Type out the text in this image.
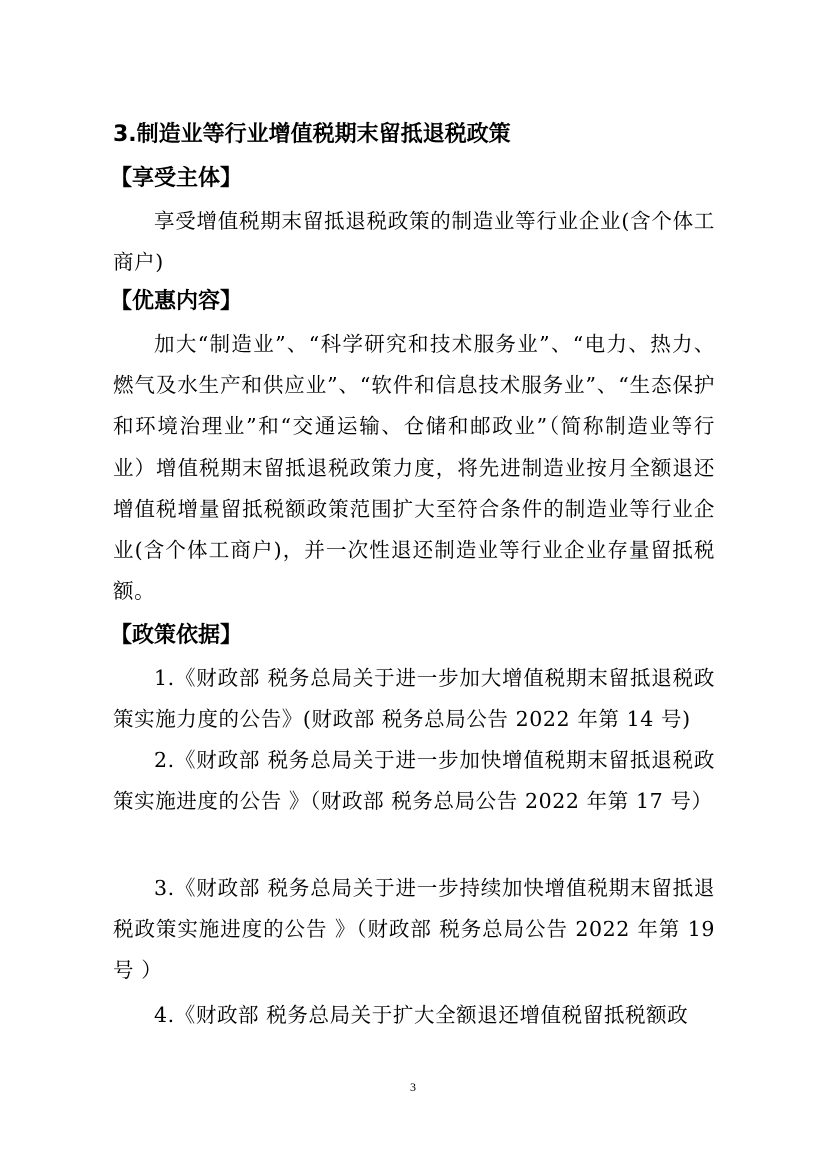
3.制造业等行业增值税期末留抵退税政策
【享受主体】
享受增值税期末留抵退税政策的制造业等行业企业(含个体工商户)
【优惠内容】
加大“制造业”、“科学研究和技术服务业”、“电力、热力、燃气及水生产和供应业”、“软件和信息技术服务业”、“生态保护和环境治理业”和“交通运输、仓储和邮政业”（简称制造业等行业）增值税期末留抵退税政策力度，将先进制造业按月全额退还增值税增量留抵税额政策范围扩大至符合条件的制造业等行业企业(含个体工商户)，并一次性退还制造业等行业企业存量留抵税额。
【政策依据】
1.《财政部 税务总局关于进一步加大增值税期末留抵退税政策实施力度的公告》(财政部 税务总局公告 2022 年第 14 号)
2.《财政部 税务总局关于进一步加快增值税期末留抵退税政策实施进度的公告 》（财政部 税务总局公告 2022 年第 17 号）
3.《财政部 税务总局关于进一步持续加快增值税期末留抵退税政策实施进度的公告 》（财政部 税务总局公告 2022 年第 19 号 ）
4.《财政部 税务总局关于扩大全额退还增值税留抵税额政
3
